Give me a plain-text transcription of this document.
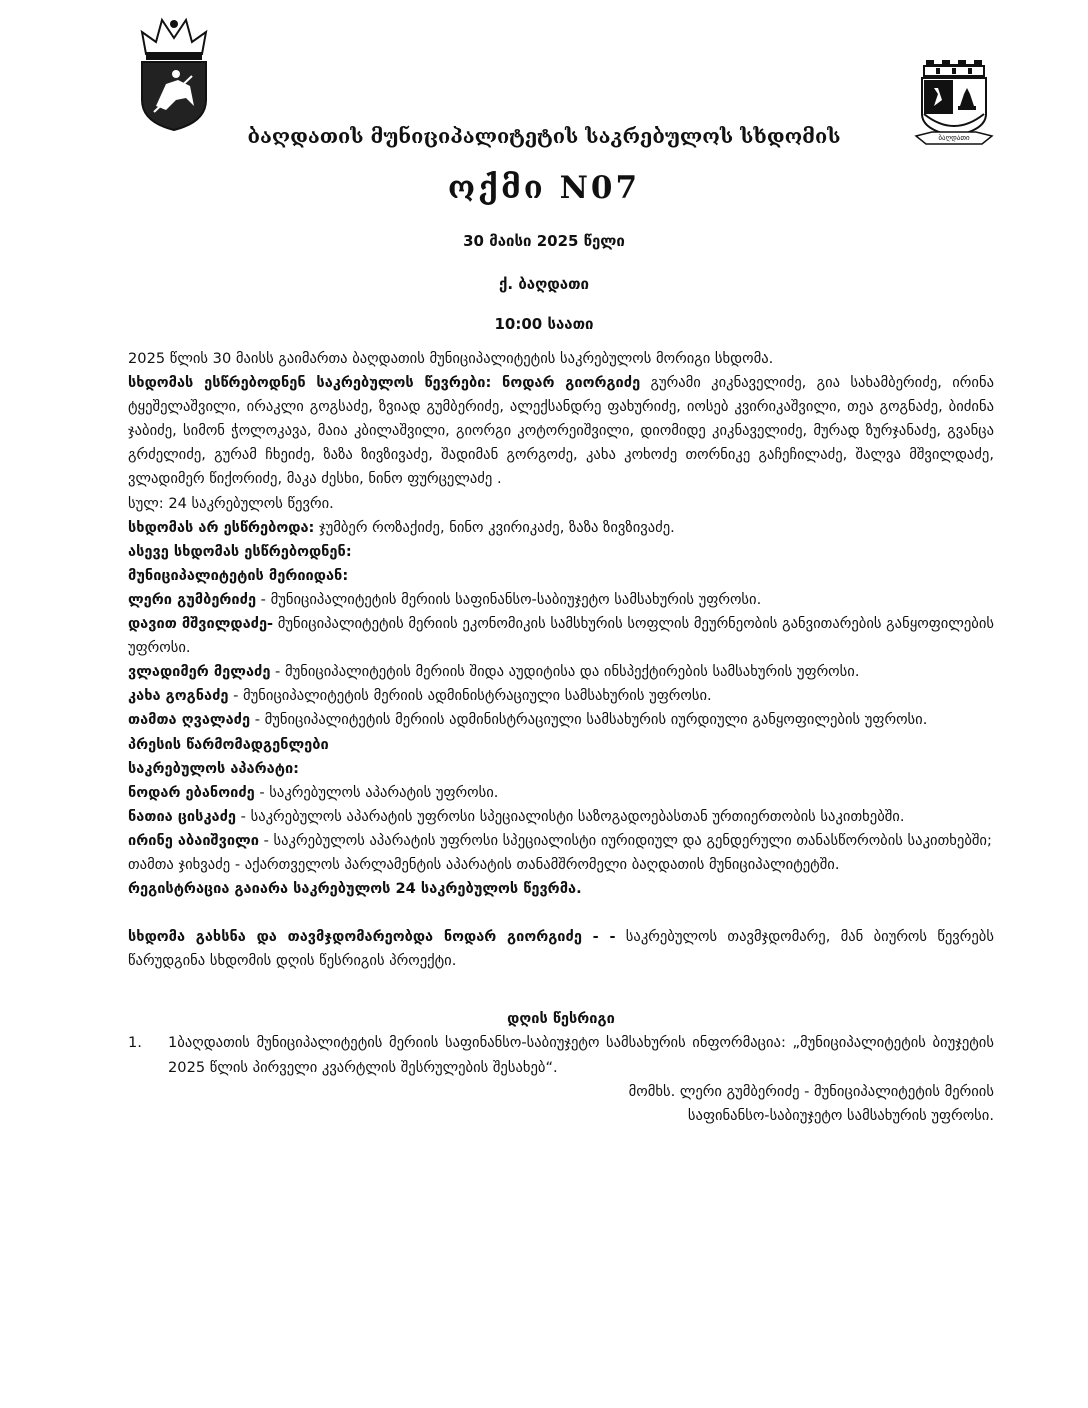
ბაღდათი
ბაღდათის მუნიციპალიტეტის საკრებულოს სხდომის
ოქმი N07
30 მაისი 2025 წელი
ქ. ბაღდათი
10:00 საათი

2025 წლის 30 მაისს გაიმართა ბაღდათის მუნიციპალიტეტის საკრებულოს მორიგი სხდომა.

სხდომას ესწრებოდნენ საკრებულოს წევრები: ნოდარ გიორგიძე გურამი კიკნაველიძე, გია სახამბერიძე, ირინა ტყეშელაშვილი, ირაკლი გოგსაძე, ზვიად გუმბერიძე, ალექსანდრე ფახურიძე, იოსებ კვირიკაშვილი, თეა გოგნაძე, ბიძინა ჯაბიძე, სიმონ ჭოლოკავა, მაია კბილაშვილი, გიორგი კოტორეიშვილი, დიომიდე კიკნაველიძე, მურად ზურჯანაძე, გვანცა გრძელიძე, გურამ ჩხეიძე, ზაზა ზივზივაძე, შადიმან გორგოძე, კახა კოხოძე თორნიკე გაჩეჩილაძე, შალვა მშვილდაძე, ვლადიმერ წიქორიძე, მაკა ძესხი, ნინო ფურცელაძე .

სულ: 24 საკრებულოს წევრი.

სხდომას არ ესწრებოდა: ჯუმბერ როზაქიძე, ნინო კვირიკაძე, ზაზა ზივზივაძე.

ასევე სხდომას ესწრებოდნენ:

მუნიციპალიტეტის მერიიდან:

ლერი გუმბერიძე - მუნიციპალიტეტის მერიის საფინანსო-საბიუჯეტო სამსახურის უფროსი.

დავით მშვილდაძე- მუნიციპალიტეტის მერიის ეკონომიკის სამსხურის სოფლის მეურნეობის განვითარების განყოფილების უფროსი.

ვლადიმერ მელაძე - მუნიციპალიტეტის მერიის შიდა აუდიტისა და ინსპექტირების სამსახურის უფროსი.

კახა გოგნაძე - მუნიციპალიტეტის მერიის ადმინისტრაციული სამსახურის უფროსი.

თამთა ღვალაძე - მუნიციპალიტეტის მერიის ადმინისტრაციული სამსახურის იურდიული განყოფილების უფროსი.

პრესის წარმომადგენლები

საკრებულოს აპარატი:

ნოდარ ებანოიძე - საკრებულოს აპარატის უფროსი.

ნათია ცისკაძე - საკრებულოს აპარატის უფროსი სპეციალისტი საზოგადოებასთან ურთიერთობის საკითხებში.

ირინე აბაიშვილი - საკრებულოს აპარატის უფროსი სპეციალისტი იურიდიულ და გენდერული თანასწორობის საკითხებში;

თამთა ჯიხვაძე - აქართველოს პარლამენტის აპარატის თანამშრომელი ბაღდათის მუნიციპალიტეტში.

რეგისტრაცია გაიარა საკრებულოს 24 საკრებულოს წევრმა.

სხდომა გახსნა და თავმჯდომარეობდა ნოდარ გიორგიძე - - საკრებულოს თავმჯდომარე, მან ბიუროს წევრებს წარუდგინა სხდომის დღის წესრიგის პროექტი.

დღის წესრიგი

1.	1ბაღდათის მუნიციპალიტეტის მერიის საფინანსო-საბიუჯეტო სამსახურის ინფორმაცია: „მუნიციპალიტეტის ბიუჯეტის 2025 წლის პირველი კვარტლის შესრულების შესახებ“.

მომხს. ლერი გუმბერიძე - მუნიციპალიტეტის მერიის

საფინანსო-საბიუჯეტო სამსახურის უფროსი.
